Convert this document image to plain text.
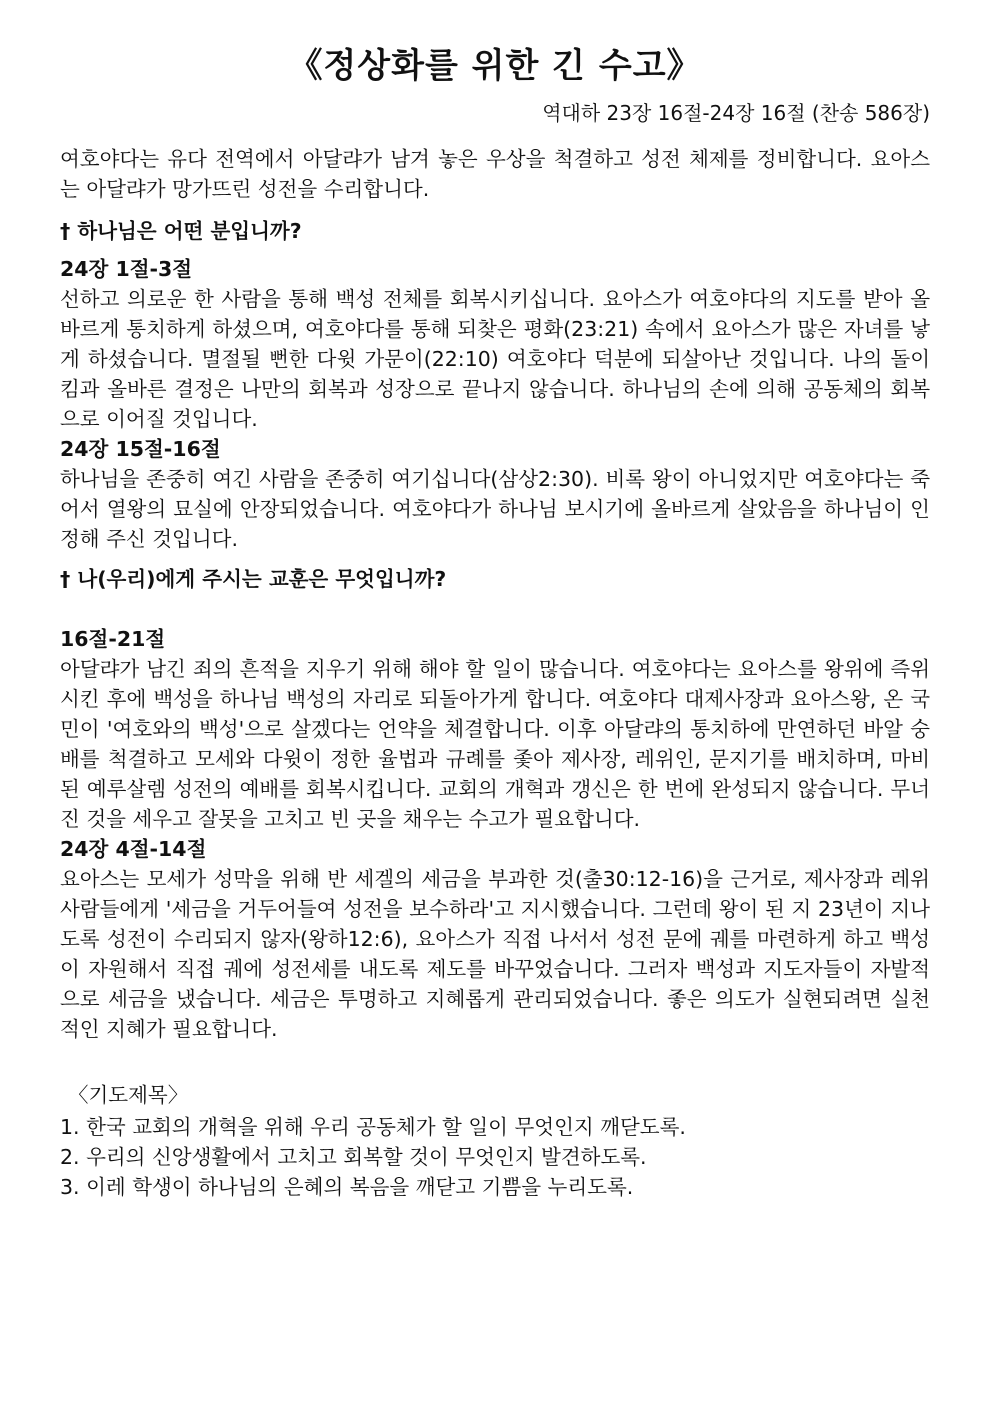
《정상화를 위한 긴 수고》
역대하 23장 16절-24장 16절 (찬송 586장)

여호야다는 유다 전역에서 아달랴가 남겨 놓은 우상을 척결하고 성전 체제를 정비합니다. 요아스는 아달랴가 망가뜨린 성전을 수리합니다.

† 하나님은 어떤 분입니까?

24장 1절-3절

선하고 의로운 한 사람을 통해 백성 전체를 회복시키십니다. 요아스가 여호야다의 지도를 받아 올바르게 통치하게 하셨으며, 여호야다를 통해 되찾은 평화(23:21) 속에서 요아스가 많은 자녀를 낳게 하셨습니다. 멸절될 뻔한 다윗 가문이(22:10) 여호야다 덕분에 되살아난 것입니다. 나의 돌이킴과 올바른 결정은 나만의 회복과 성장으로 끝나지 않습니다. 하나님의 손에 의해 공동체의 회복으로 이어질 것입니다.

24장 15절-16절

하나님을 존중히 여긴 사람을 존중히 여기십니다(삼상2:30). 비록 왕이 아니었지만 여호야다는 죽어서 열왕의 묘실에 안장되었습니다. 여호야다가 하나님 보시기에 올바르게 살았음을 하나님이 인정해 주신 것입니다.

† 나(우리)에게 주시는 교훈은 무엇입니까?

16절-21절

아달랴가 남긴 죄의 흔적을 지우기 위해 해야 할 일이 많습니다. 여호야다는 요아스를 왕위에 즉위시킨 후에 백성을 하나님 백성의 자리로 되돌아가게 합니다. 여호야다 대제사장과 요아스왕, 온 국민이 '여호와의 백성'으로 살겠다는 언약을 체결합니다. 이후 아달랴의 통치하에 만연하던 바알 숭배를 척결하고 모세와 다윗이 정한 율법과 규례를 좇아 제사장, 레위인, 문지기를 배치하며, 마비된 예루살렘 성전의 예배를 회복시킵니다. 교회의 개혁과 갱신은 한 번에 완성되지 않습니다. 무너진 것을 세우고 잘못을 고치고 빈 곳을 채우는 수고가 필요합니다.

24장 4절-14절

요아스는 모세가 성막을 위해 반 세겔의 세금을 부과한 것(출30:12-16)을 근거로, 제사장과 레위 사람들에게 '세금을 거두어들여 성전을 보수하라'고 지시했습니다. 그런데 왕이 된 지 23년이 지나도록 성전이 수리되지 않자(왕하12:6), 요아스가 직접 나서서 성전 문에 궤를 마련하게 하고 백성이 자원해서 직접 궤에 성전세를 내도록 제도를 바꾸었습니다. 그러자 백성과 지도자들이 자발적으로 세금을 냈습니다. 세금은 투명하고 지혜롭게 관리되었습니다. 좋은 의도가 실현되려면 실천적인 지혜가 필요합니다.

〈기도제목〉

1. 한국 교회의 개혁을 위해 우리 공동체가 할 일이 무엇인지 깨닫도록.
2. 우리의 신앙생활에서 고치고 회복할 것이 무엇인지 발견하도록.
3. 이레 학생이 하나님의 은혜의 복음을 깨닫고 기쁨을 누리도록.
